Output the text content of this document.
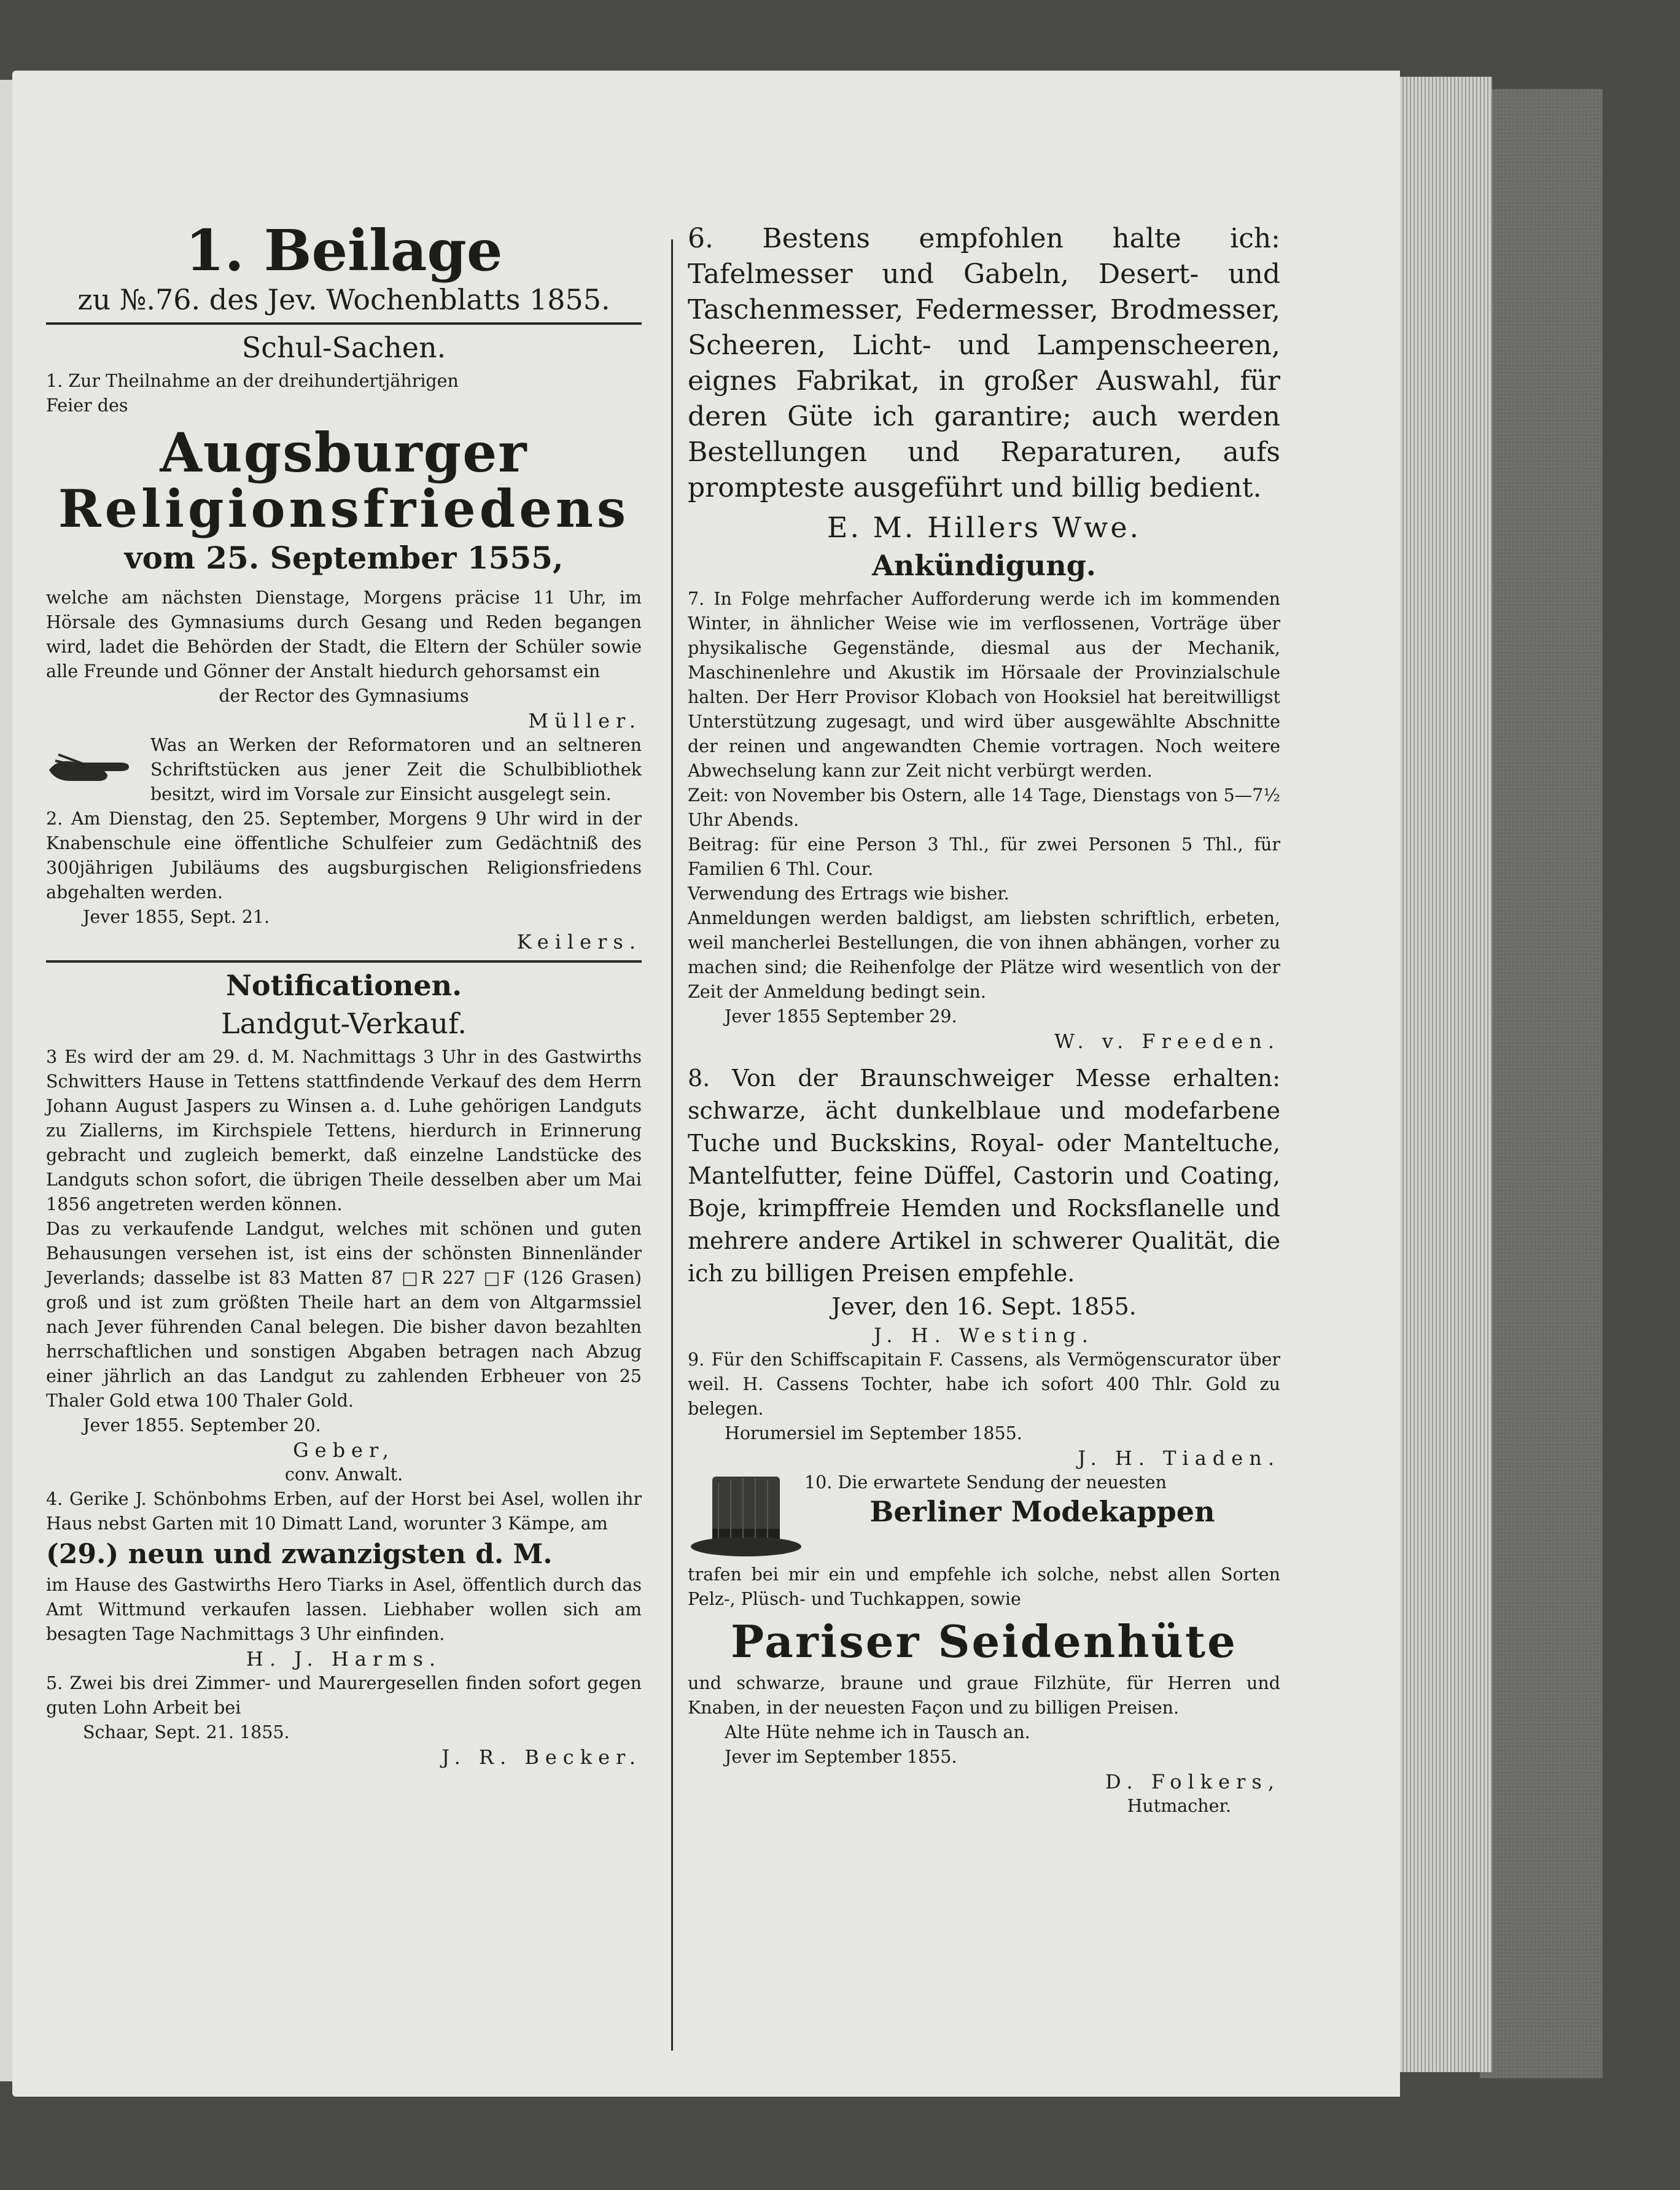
1. Beilage
zu №.76. des Jev. Wochenblatts 1855.
Schul-Sachen.

1. Zur Theilnahme an der dreihundertjährigen

Feier des

Augsburger
Religionsfriedens
vom 25. September 1555,

welche am nächsten Dienstage, Morgens präcise 11 Uhr, im Hörsale des Gymnasiums durch Gesang und Reden begangen wird, ladet die Behörden der Stadt, die Eltern der Schüler sowie alle Freunde und Gönner der Anstalt hiedurch gehorsamst ein

der Rector des Gymnasiums

Müller.

Was an Werken der Reformatoren und an seltneren Schriftstücken aus jener Zeit die Schulbibliothek besitzt, wird im Vorsale zur Einsicht ausgelegt sein.

2. Am Dienstag, den 25. September, Morgens 9 Uhr wird in der Knabenschule eine öffentliche Schulfeier zum Gedächtniß des 300jährigen Jubiläums des augsburgischen Religionsfriedens abgehalten werden.

Jever 1855, Sept. 21.

Keilers.

Notificationen.
Landgut-Verkauf.

3 Es wird der am 29. d. M. Nachmittags 3 Uhr in des Gastwirths Schwitters Hause in Tettens stattfindende Verkauf des dem Herrn Johann August Jaspers zu Winsen a. d. Luhe gehörigen Landguts zu Ziallerns, im Kirchspiele Tettens, hierdurch in Erinnerung gebracht und zugleich bemerkt, daß einzelne Landstücke des Landguts schon sofort, die übrigen Theile desselben aber um Mai 1856 angetreten werden können.

Das zu verkaufende Landgut, welches mit schönen und guten Behausungen versehen ist, ist eins der schönsten Binnenländer Jeverlands; dasselbe ist 83 Matten 87 □R 227 □F (126 Grasen) groß und ist zum größten Theile hart an dem von Altgarmssiel nach Jever führenden Canal belegen. Die bisher davon bezahlten herrschaftlichen und sonstigen Abgaben betragen nach Abzug einer jährlich an das Landgut zu zahlenden Erbheuer von 25 Thaler Gold etwa 100 Thaler Gold.

Jever 1855. September 20.

Geber,

conv. Anwalt.

4. Gerike J. Schönbohms Erben, auf der Horst bei Asel, wollen ihr Haus nebst Garten mit 10 Dimatt Land, worunter 3 Kämpe, am

(29.) neun und zwanzigsten d. M.

im Hause des Gastwirths Hero Tiarks in Asel, öffentlich durch das Amt Wittmund verkaufen lassen. Liebhaber wollen sich am besagten Tage Nachmittags 3 Uhr einfinden.

H. J. Harms.

5. Zwei bis drei Zimmer- und Maurergesellen finden sofort gegen guten Lohn Arbeit bei

Schaar, Sept. 21. 1855.

J. R. Becker.

6. Bestens empfohlen halte ich: Tafelmesser und Gabeln, Desert- und Taschenmesser, Federmesser, Brodmesser, Scheeren, Licht- und Lampenscheeren, eignes Fabrikat, in großer Auswahl, für deren Güte ich garantire; auch werden Bestellungen und Reparaturen, aufs prompteste ausgeführt und billig bedient.

E. M. Hillers Wwe.
Ankündigung.

7. In Folge mehrfacher Aufforderung werde ich im kommenden Winter, in ähnlicher Weise wie im verflossenen, Vorträge über physikalische Gegenstände, diesmal aus der Mechanik, Maschinenlehre und Akustik im Hörsaale der Provinzialschule halten. Der Herr Provisor Klobach von Hooksiel hat bereitwilligst Unterstützung zugesagt, und wird über ausgewählte Abschnitte der reinen und angewandten Chemie vortragen. Noch weitere Abwechselung kann zur Zeit nicht verbürgt werden.

Zeit: von November bis Ostern, alle 14 Tage, Dienstags von 5—7½ Uhr Abends.

Beitrag: für eine Person 3 Thl., für zwei Personen 5 Thl., für Familien 6 Thl. Cour.

Verwendung des Ertrags wie bisher.

Anmeldungen werden baldigst, am liebsten schriftlich, erbeten, weil mancherlei Bestellungen, die von ihnen abhängen, vorher zu machen sind; die Reihenfolge der Plätze wird wesentlich von der Zeit der Anmeldung bedingt sein.

Jever 1855 September 29.

W. v. Freeden.

8. Von der Braunschweiger Messe erhalten: schwarze, ächt dunkelblaue und modefarbene Tuche und Buckskins, Royal- oder Manteltuche, Mantelfutter, feine Düffel, Castorin und Coating, Boje, krimpffreie Hemden und Rocksflanelle und mehrere andere Artikel in schwerer Qualität, die ich zu billigen Preisen empfehle.

Jever, den 16. Sept. 1855.

J. H. Westing.

9. Für den Schiffscapitain F. Cassens, als Vermögenscurator über weil. H. Cassens Tochter, habe ich sofort 400 Thlr. Gold zu belegen.

Horumersiel im September 1855.

J. H. Tiaden.

10. Die erwartete Sendung der neuesten

Berliner Modekappen

trafen bei mir ein und empfehle ich solche, nebst allen Sorten Pelz-, Plüsch- und Tuchkappen, sowie

Pariser Seidenhüte

und schwarze, braune und graue Filzhüte, für Herren und Knaben, in der neuesten Façon und zu billigen Preisen.

Alte Hüte nehme ich in Tausch an.

Jever im September 1855.

D. Folkers,

Hutmacher.
